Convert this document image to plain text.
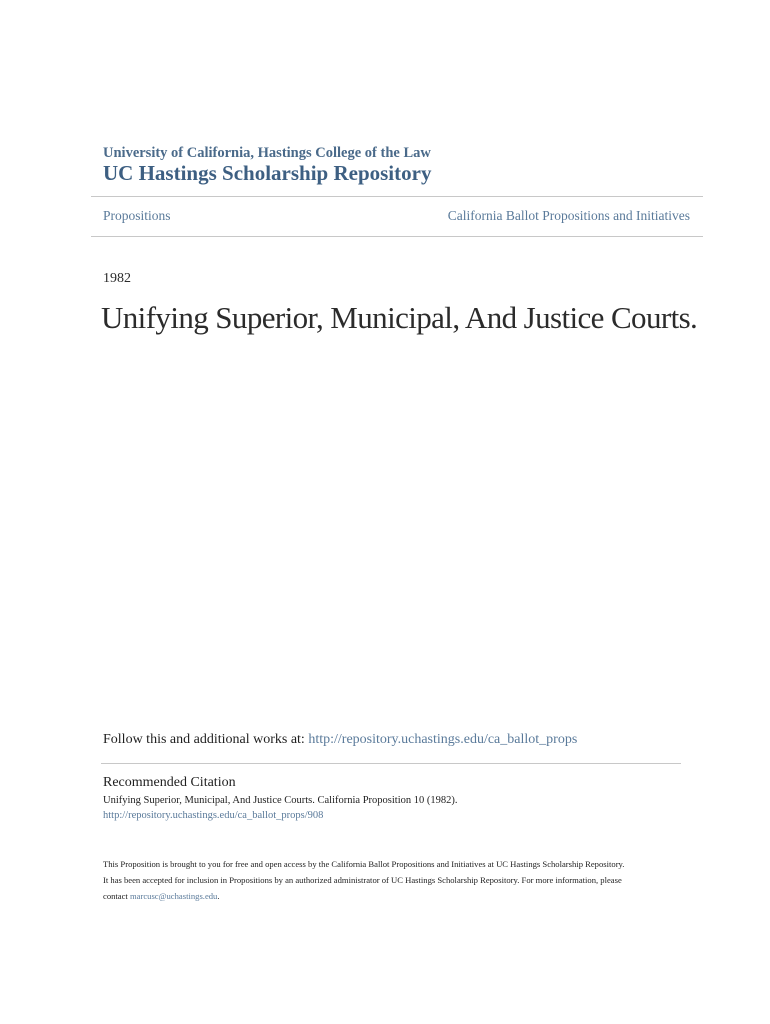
University of California, Hastings College of the Law
UC Hastings Scholarship Repository
Propositions	California Ballot Propositions and Initiatives
1982
Unifying Superior, Municipal, And Justice Courts.
Follow this and additional works at: http://repository.uchastings.edu/ca_ballot_props
Recommended Citation
Unifying Superior, Municipal, And Justice Courts. California Proposition 10 (1982).
http://repository.uchastings.edu/ca_ballot_props/908
This Proposition is brought to you for free and open access by the California Ballot Propositions and Initiatives at UC Hastings Scholarship Repository.
It has been accepted for inclusion in Propositions by an authorized administrator of UC Hastings Scholarship Repository. For more information, please
contact marcusc@uchastings.edu.
